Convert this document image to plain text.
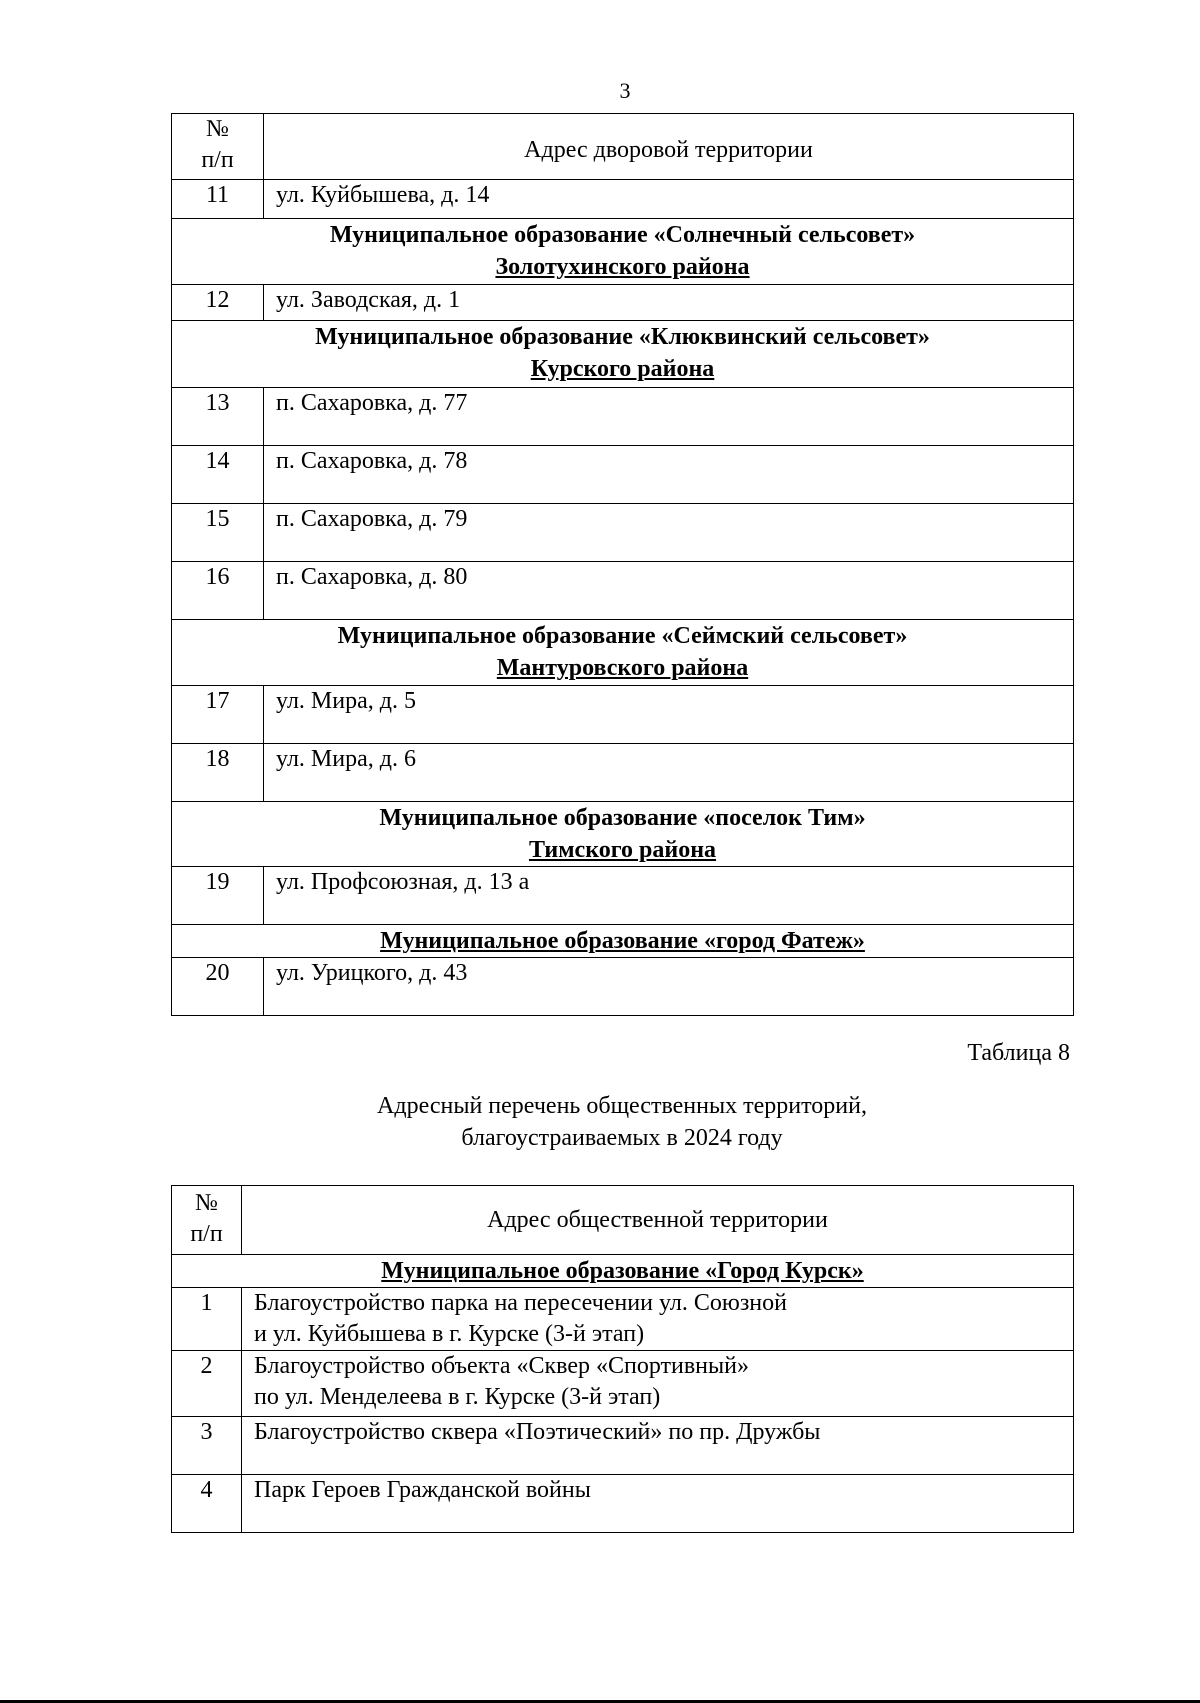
3
№
п/п	Адрес дворовой территории
11	ул. Куйбышева, д. 14

Муниципальное образование «Солнечный сельсовет»
Золотухинского района	

12	ул. Заводская, д. 1

Муниципальное образование «Клюквинский сельсовет»
Курского района	

13	п. Сахаровка, д. 77
14	п. Сахаровка, д. 78
15	п. Сахаровка, д. 79
16	п. Сахаровка, д. 80

Муниципальное образование «Сеймский сельсовет»
Мантуровского района	

17	ул. Мира, д. 5
18	ул. Мира, д. 6

Муниципальное образование «поселок Тим»
Тимского района	

19	ул. Профсоюзная, д. 13 а

Муниципальное образование «город Фатеж»	

20	ул. Урицкого, д. 43
Таблица 8
Адресный перечень общественных территорий,
благоустраиваемых в 2024 году
№
п/п	Адрес общественной территории

Муниципальное образование «Город Курск»	

1	Благоустройство парка на пересечении ул. Союзной
и ул. Куйбышева в г. Курске (3-й этап)

2	Благоустройство объекта «Сквер «Спортивный»
по ул. Менделеева в г. Курске (3-й этап)

3	Благоустройство сквера «Поэтический» по пр. Дружбы

4	Парк Героев Гражданской войны
